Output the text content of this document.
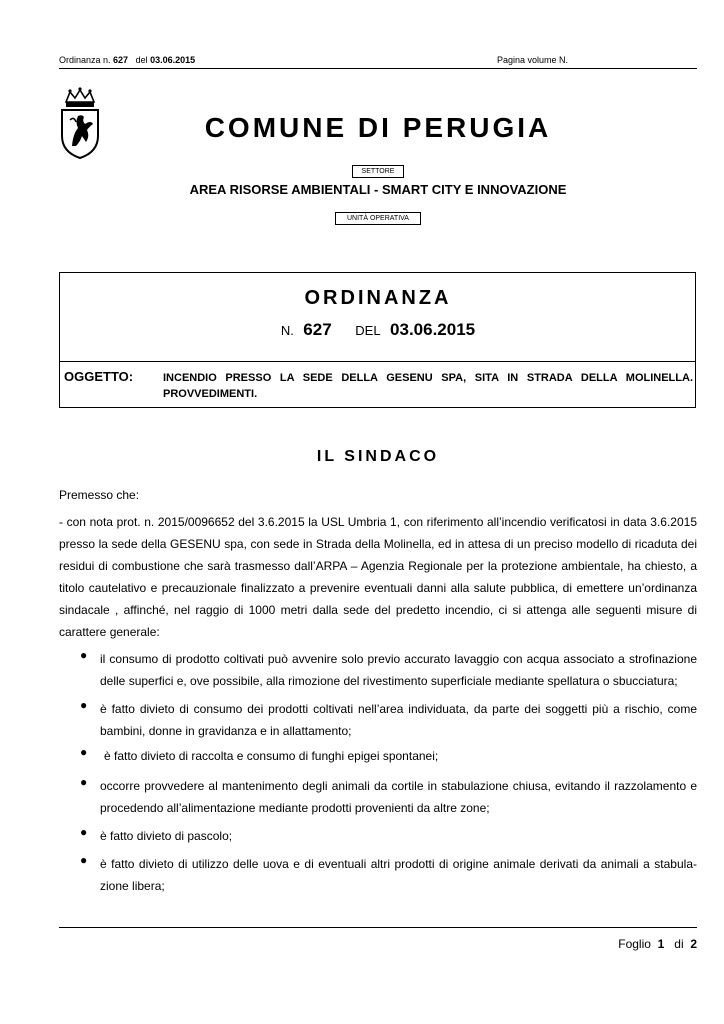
Ordinanza n. 627 del 03.06.2015	Pagina volume N.
COMUNE DI PERUGIA
SETTORE
AREA RISORSE AMBIENTALI - SMART CITY E INNOVAZIONE
UNITÀ OPERATIVA
ORDINANZA
N. 627 DEL 03.06.2015
OGGETTO:	INCENDIO PRESSO LA SEDE DELLA GESENU SPA, SITA IN STRADA DELLA MOLINELLA. PROVVEDIMENTI.
IL SINDACO
Premesso che:
- con nota prot. n. 2015/0096652 del 3.6.2015 la USL Umbria 1, con riferimento all’incendio verificatosi in data 3.6.2015 presso la sede della GESENU spa, con sede in Strada della Molinella, ed in attesa di un preciso modello di ricaduta dei residui di combustione che sarà trasmesso dall’ARPA – Agenzia Regionale per la protezione ambientale, ha chiesto, a titolo cautelativo e precauzionale finalizzato a prevenire eventuali danni alla salute pubblica, di emettere un’ordinanza sindacale , affinché, nel raggio di 1000 metri dalla sede del predetto incendio, ci si attenga alle seguenti misure di carattere generale:
● il consumo di prodotto coltivati può avvenire solo previo accurato lavaggio con acqua associato a strofinazione delle superfici e, ove possibile, alla rimozione del rivestimento superficiale mediante spellatura o sbucciatura;
● è fatto divieto di consumo dei prodotti coltivati nell’area individuata, da parte dei soggetti più a rischio, come bambini, donne in gravidanza e in allattamento;
● è fatto divieto di raccolta e consumo di funghi epigei spontanei;
● occorre provvedere al mantenimento degli animali da cortile in stabulazione chiusa, evitando il razzolamento e procedendo all’alimentazione mediante prodotti provenienti da altre zone;
● è fatto divieto di pascolo;
● è fatto divieto di utilizzo delle uova e di eventuali altri prodotti di origine animale derivati da animali a stabula-zione libera;
Foglio 1 di 2
